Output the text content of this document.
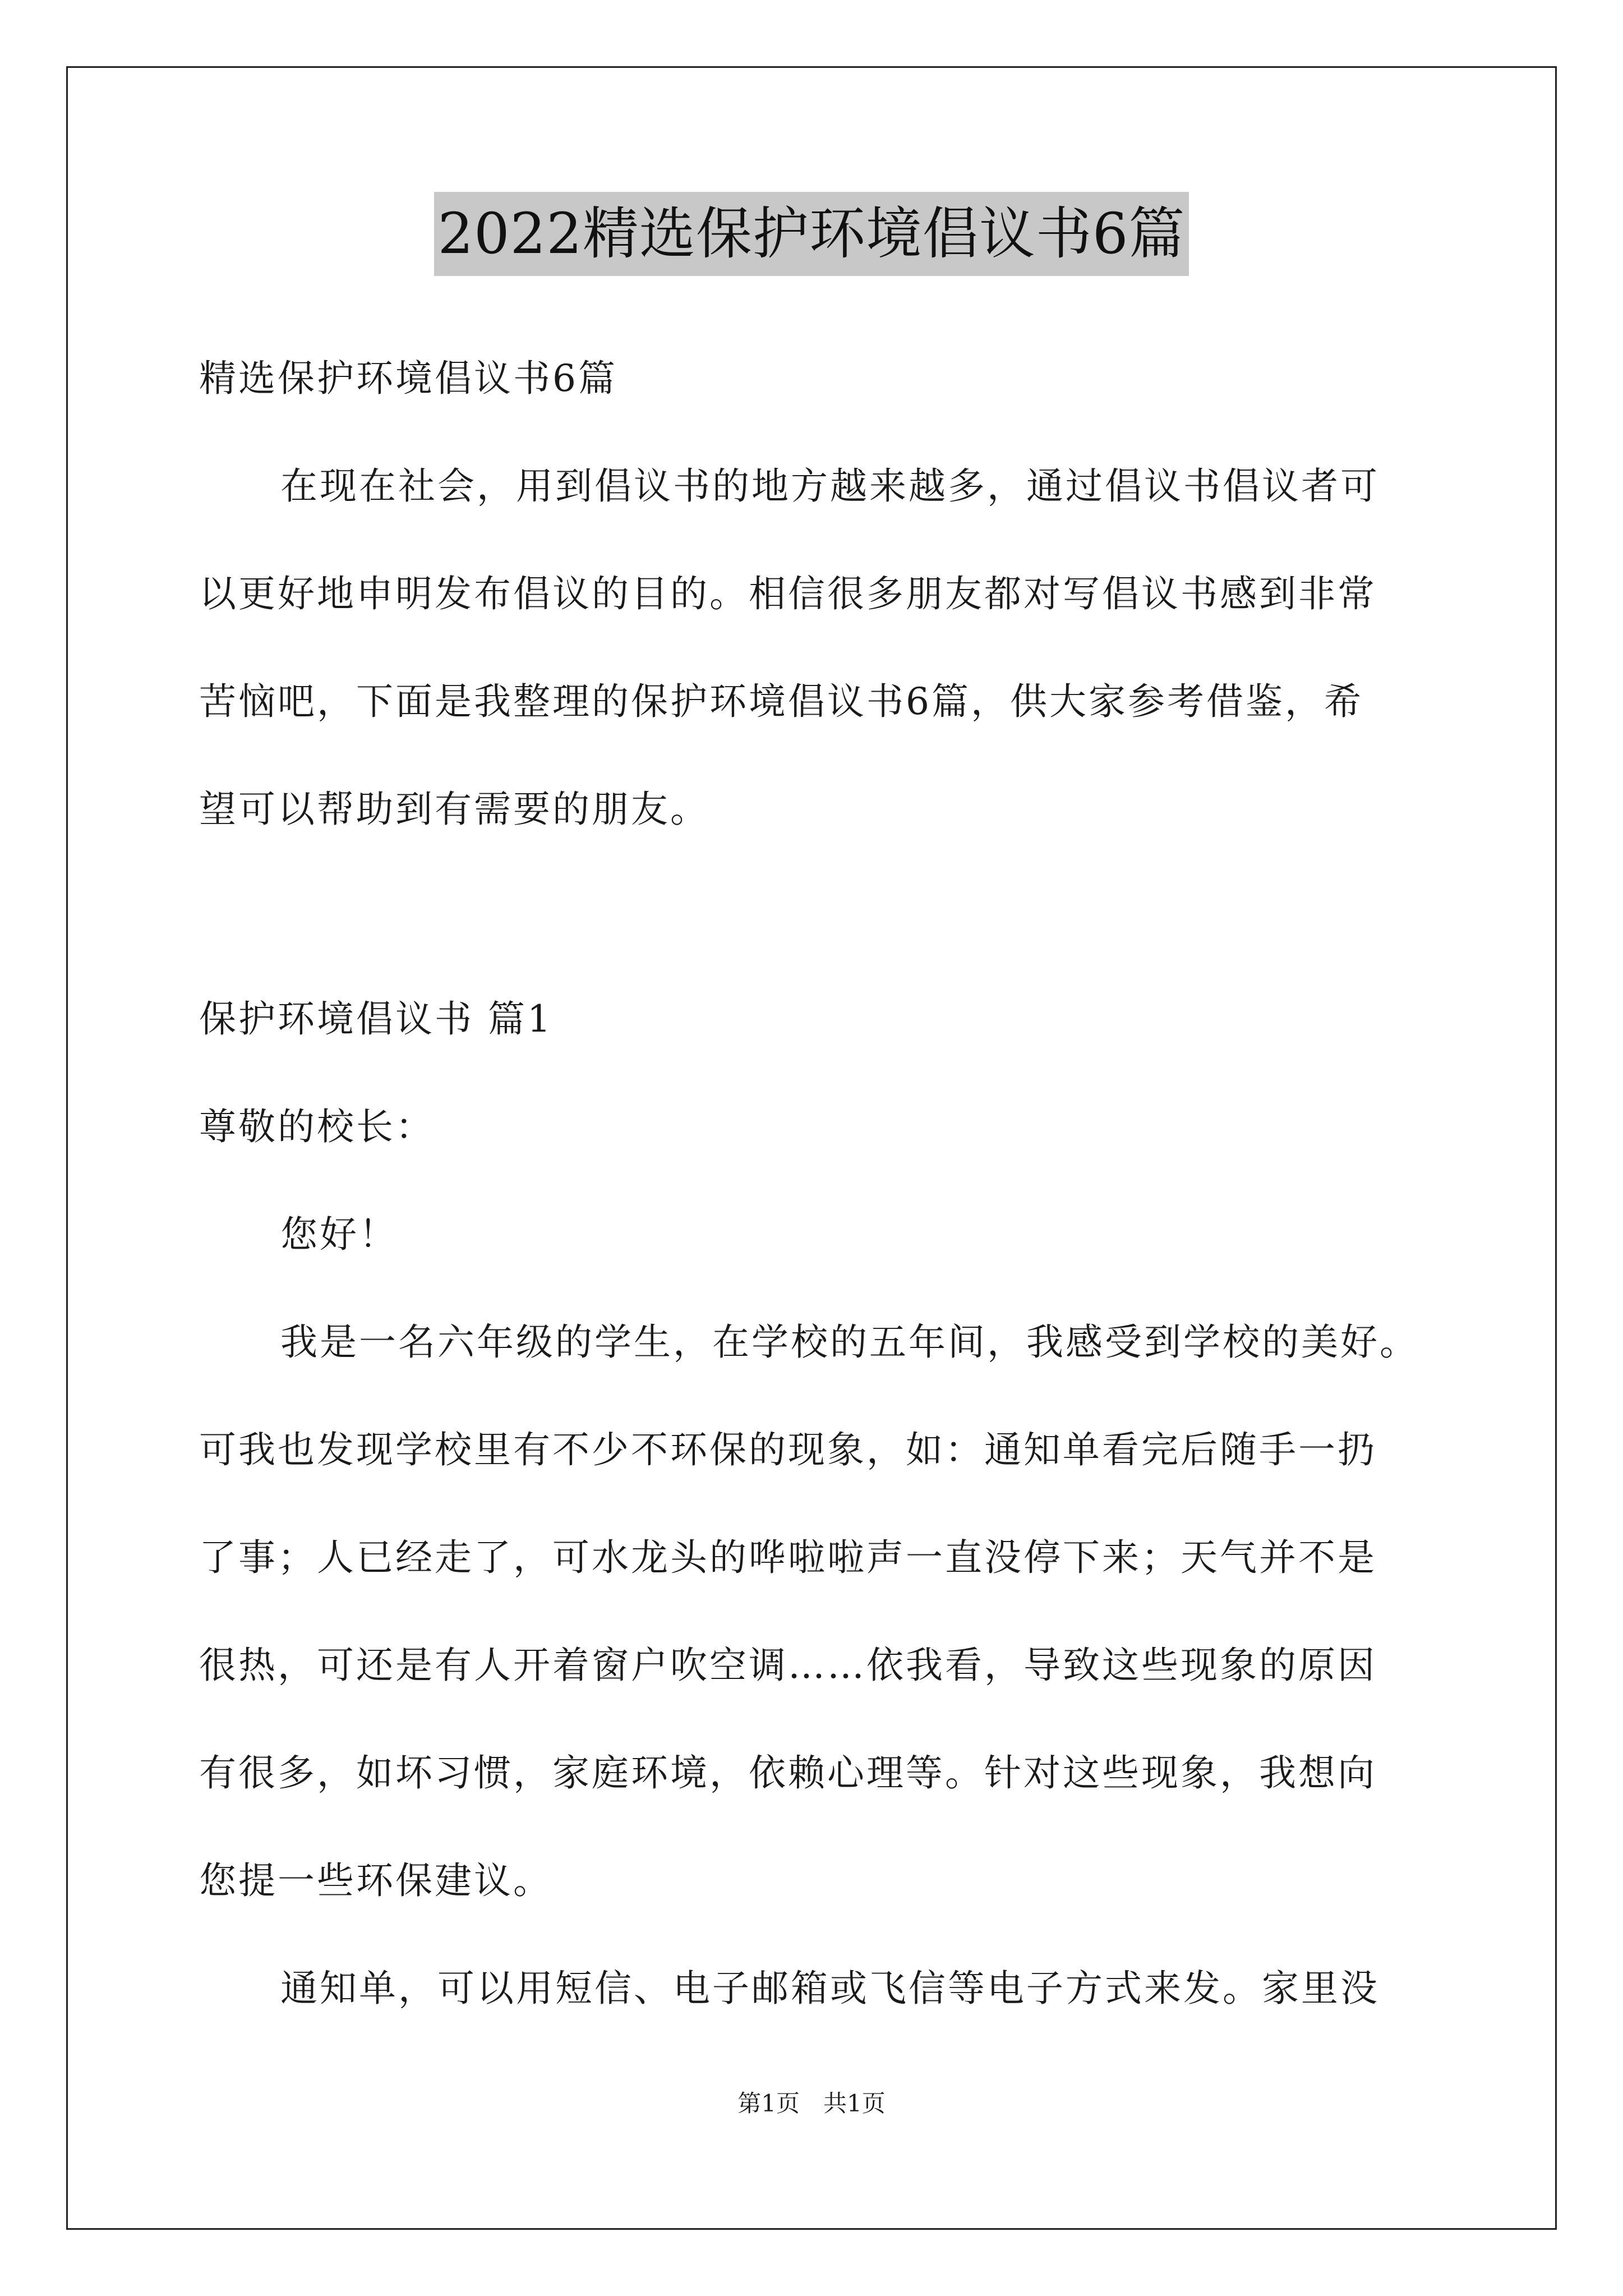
2022精选保护环境倡议书6篇
精选保护环境倡议书6篇
在现在社会，用到倡议书的地方越来越多，通过倡议书倡议者可
以更好地申明发布倡议的目的。相信很多朋友都对写倡议书感到非常
苦恼吧，下面是我整理的保护环境倡议书6篇，供大家参考借鉴，希
望可以帮助到有需要的朋友。
保护环境倡议书 篇1
尊敬的校长：
您好！
我是一名六年级的学生，在学校的五年间，我感受到学校的美好。
可我也发现学校里有不少不环保的现象，如：通知单看完后随手一扔
了事；人已经走了，可水龙头的哗啦啦声一直没停下来；天气并不是
很热，可还是有人开着窗户吹空调……依我看，导致这些现象的原因
有很多，如坏习惯，家庭环境，依赖心理等。针对这些现象，我想向
您提一些环保建议。
通知单，可以用短信、电子邮箱或飞信等电子方式来发。家里没
第1页　共1页
